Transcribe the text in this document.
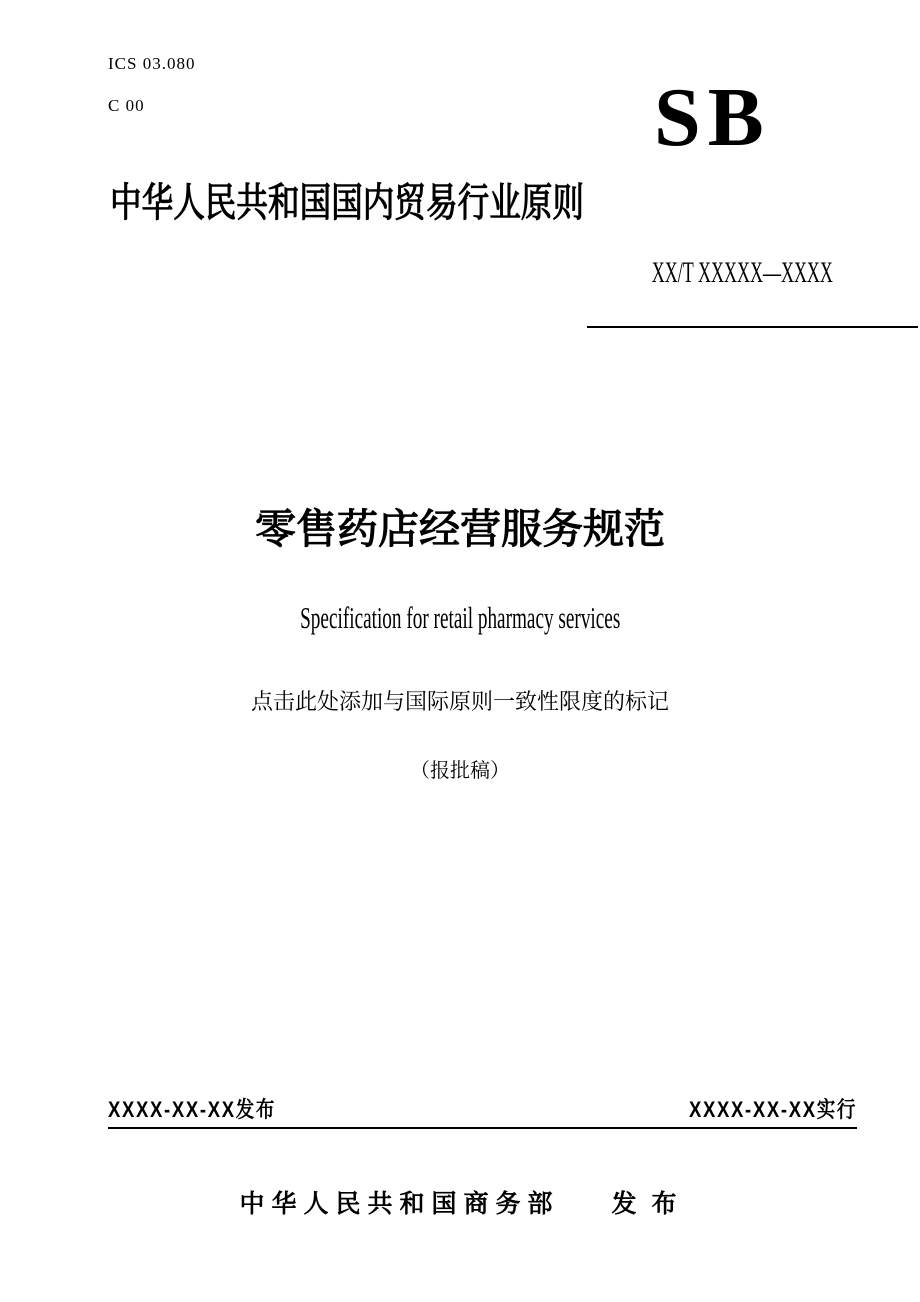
ICS 03.080
C 00	SB
中华人民共和国国内贸易行业原则
XX/T XXXXX—XXXX
零售药店经营服务规范
Specification for retail pharmacy services
点击此处添加与国际原则一致性限度的标记
（报批稿）
XXXX-XX-XX发布	XXXX-XX-XX实行
中华人民共和国商务部 发 布
